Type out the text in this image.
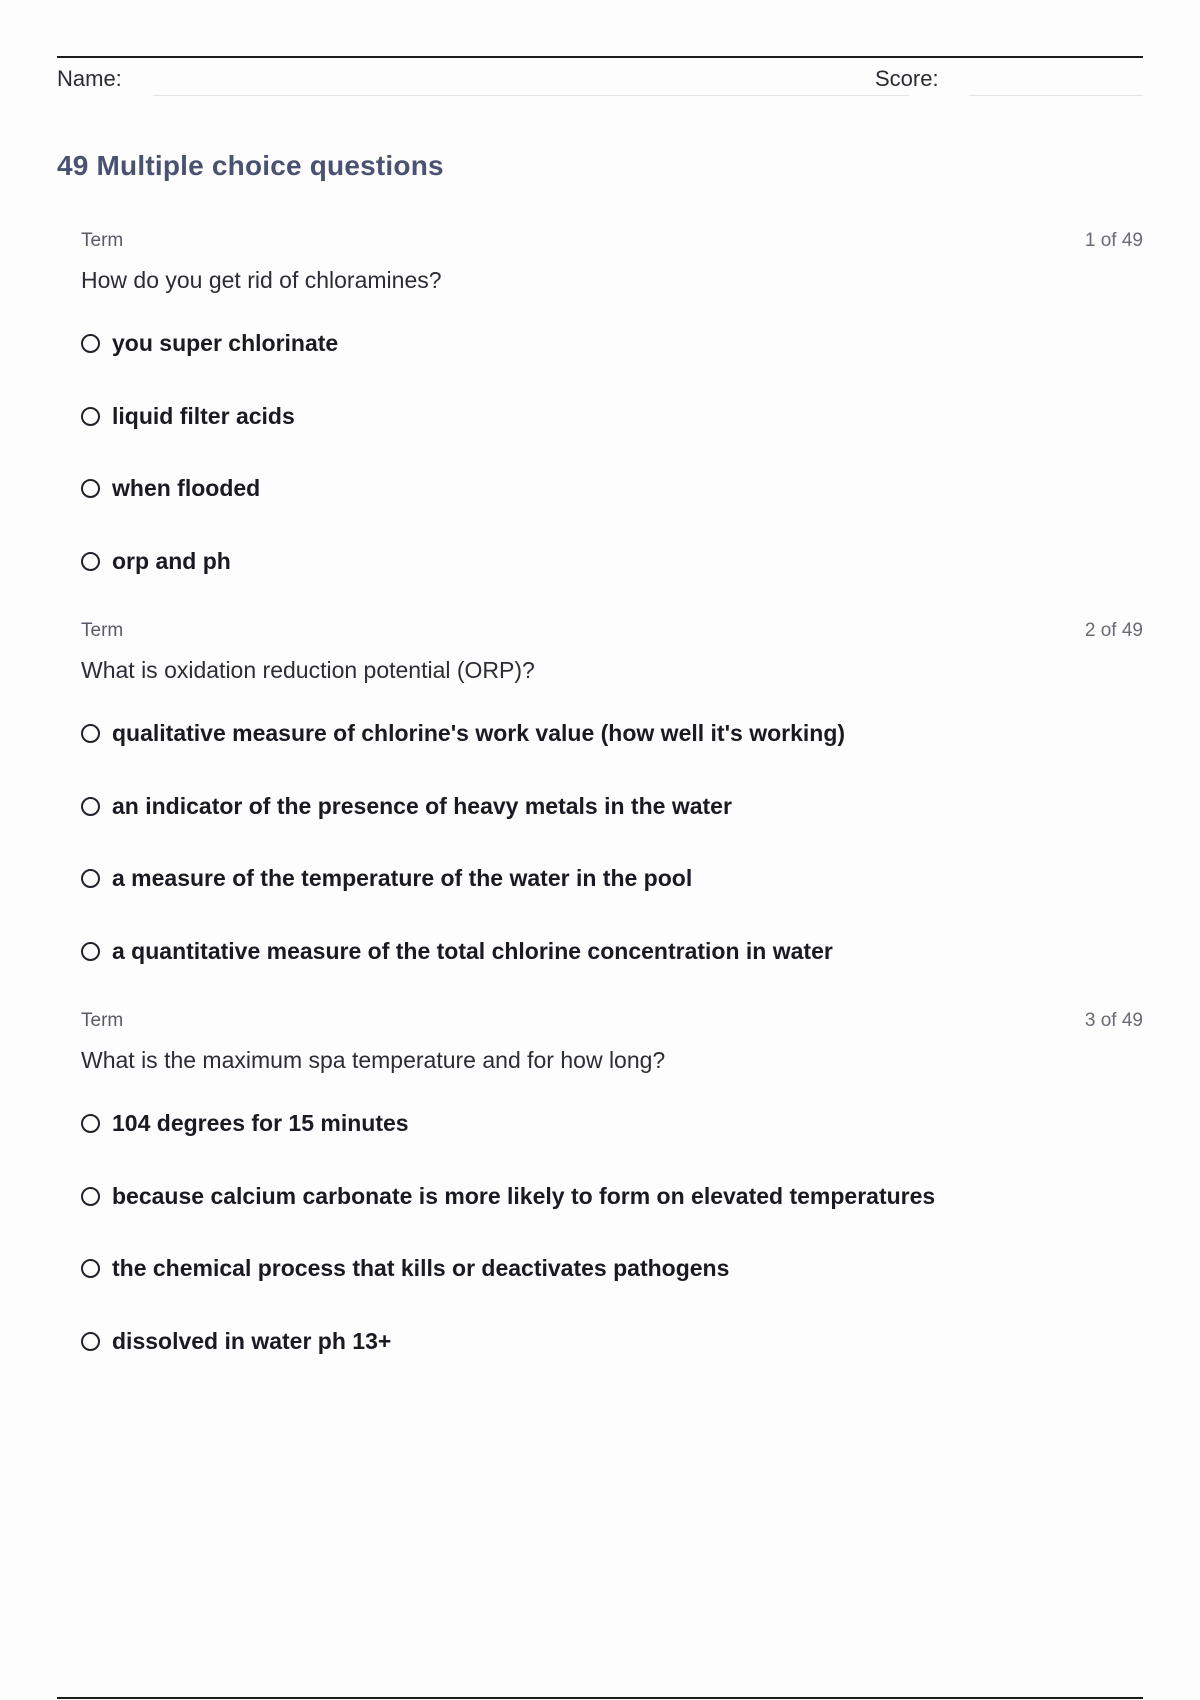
Name:	Score:
49 Multiple choice questions
Term	1 of 49
How do you get rid of chloramines?
you super chlorinate
liquid filter acids
when flooded
orp and ph
Term	2 of 49
What is oxidation reduction potential (ORP)?
qualitative measure of chlorine's work value (how well it's working)
an indicator of the presence of heavy metals in the water
a measure of the temperature of the water in the pool
a quantitative measure of the total chlorine concentration in water
Term	3 of 49
What is the maximum spa temperature and for how long?
104 degrees for 15 minutes
because calcium carbonate is more likely to form on elevated temperatures
the chemical process that kills or deactivates pathogens
dissolved in water ph 13+
